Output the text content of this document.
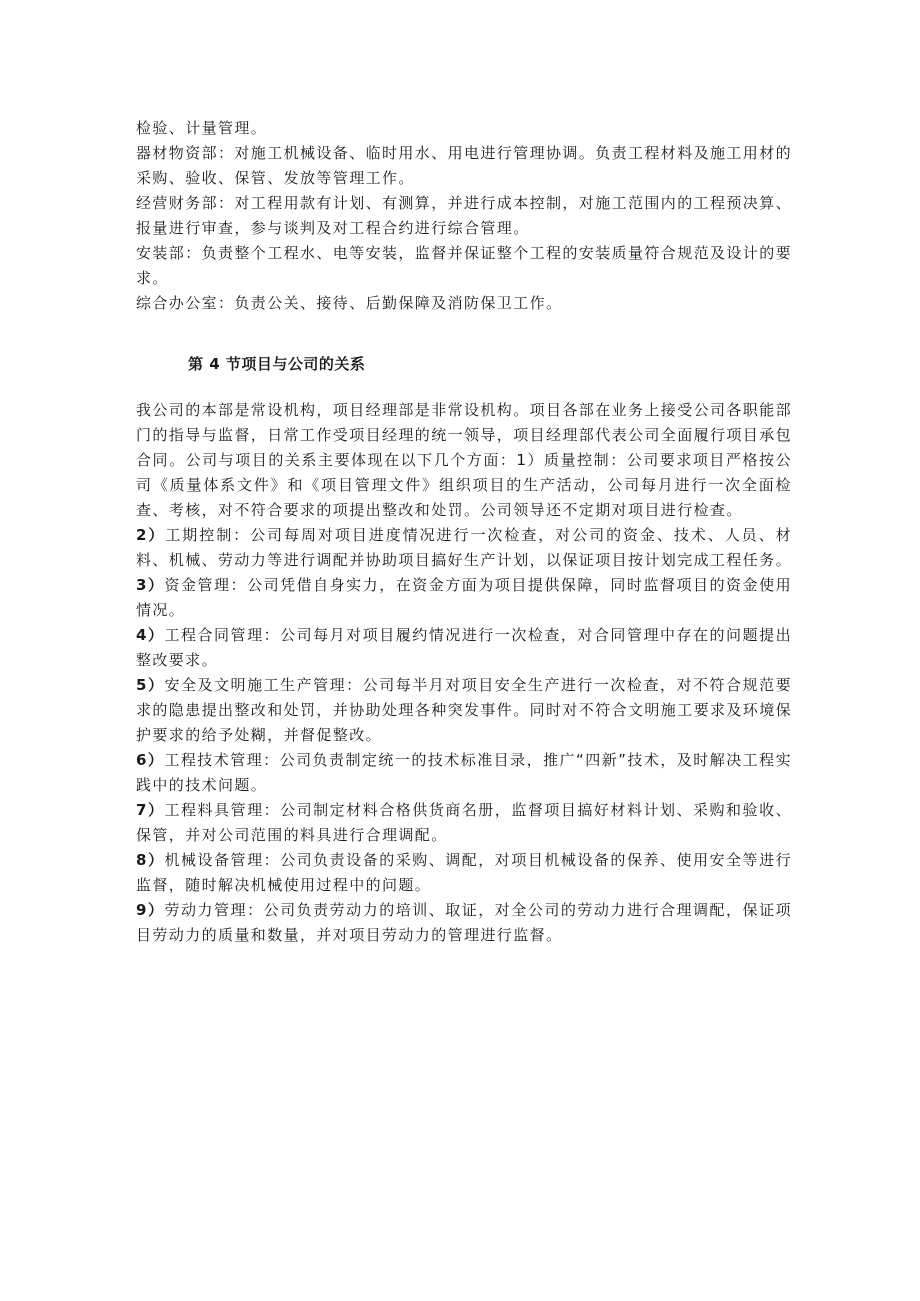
检验、计量管理。

器材物资部：对施工机械设备、临时用水、用电进行管理协调。负责工程材料及施工用材的采购、验收、保管、发放等管理工作。

经营财务部：对工程用款有计划、有测算，并进行成本控制，对施工范围内的工程预决算、报量进行审查，参与谈判及对工程合约进行综合管理。

安装部：负责整个工程水、电等安装，监督并保证整个工程的安装质量符合规范及设计的要求。

综合办公室：负责公关、接待、后勤保障及消防保卫工作。

第 4 节项目与公司的关系

我公司的本部是常设机构，项目经理部是非常设机构。项目各部在业务上接受公司各职能部门的指导与监督，日常工作受项目经理的统一领导，项目经理部代表公司全面履行项目承包合同。公司与项目的关系主要体现在以下几个方面：1）质量控制：公司要求项目严格按公司《质量体系文件》和《项目管理文件》组织项目的生产活动，公司每月进行一次全面检查、考核，对不符合要求的项提出整改和处罚。公司领导还不定期对项目进行检查。

2）工期控制：公司每周对项目进度情况进行一次检查，对公司的资金、技术、人员、材料、机械、劳动力等进行调配并协助项目搞好生产计划，以保证项目按计划完成工程任务。

3）资金管理：公司凭借自身实力，在资金方面为项目提供保障，同时监督项目的资金使用情况。

4）工程合同管理：公司每月对项目履约情况进行一次检查，对合同管理中存在的问题提出整改要求。

5）安全及文明施工生产管理：公司每半月对项目安全生产进行一次检查，对不符合规范要求的隐患提出整改和处罚，并协助处理各种突发事件。同时对不符合文明施工要求及环境保护要求的给予处糊，并督促整改。

6）工程技术管理：公司负责制定统一的技术标准目录，推广“四新”技术，及时解决工程实践中的技术问题。

7）工程料具管理：公司制定材料合格供货商名册，监督项目搞好材料计划、采购和验收、保管，并对公司范围的料具进行合理调配。

8）机械设备管理：公司负责设备的采购、调配，对项目机械设备的保养、使用安全等进行监督，随时解决机械使用过程中的问题。

9）劳动力管理：公司负责劳动力的培训、取证，对全公司的劳动力进行合理调配，保证项目劳动力的质量和数量，并对项目劳动力的管理进行监督。
